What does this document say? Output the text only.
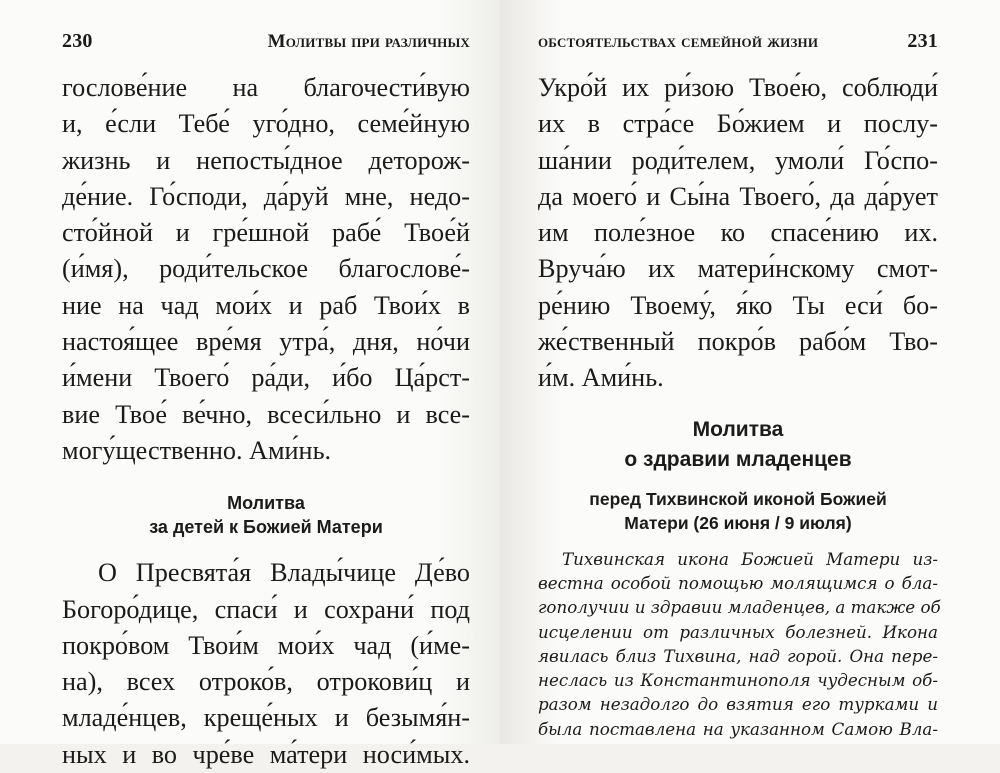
230	Молитвы при различных
гослове́ние на благочести́вую
и, е́сли Тебе́ уго́дно, семе́йную
жизнь и непосты́дное деторож-
де́ние. Го́споди, да́руй мне, недо-
сто́йной и гре́шной рабе́ Твое́й
(и́мя), роди́тельское благослове́-
ние на чад мои́х и раб Твои́х в
настоя́щее вре́мя утра́, дня, но́чи
и́мени Твоего́ ра́ди, и́бо Ца́рст-
вие Твое́ ве́чно, всеси́льно и все-
могу́щественно. Ами́нь.
Молитва
за детей к Божией Матери
О Пресвята́я Влады́чице Де́во
Богоро́дице, спаси́ и сохрани́ под
покро́вом Твои́м мои́х чад (и́ме-
на), всех отроко́в, отрокови́ц и
младе́нцев, креще́ных и безымя́н-
ных и во чре́ве ма́тери носи́мых.
обстоятельствах семейной жизни	231
Укро́й их ри́зою Твое́ю, соблюди́
их в стра́се Бо́жием и послу-
ша́нии роди́телем, умоли́ Го́спо-
да моего́ и Сы́на Твоего́, да да́рует
им поле́зное ко спасе́нию их.
Вруча́ю их матери́нскому смот-
ре́нию Твоему́, я́ко Ты еси́ бо-
же́ственный покро́в рабо́м Тво-
и́м. Ами́нь.
Молитва
о здравии младенцев
перед Тихвинской иконой Божией
Матери (26 июня / 9 июля)
Тихвинская икона Божией Матери из-
вестна особой помощью молящимся о бла-
гополучии и здравии младенцев, а также об
исцелении от различных болезней. Икона
явилась близ Тихвина, над горой. Она пере-
неслась из Константинополя чудесным об-
разом незадолго до взятия его турками и
была поставлена на указанном Самою Вла-
